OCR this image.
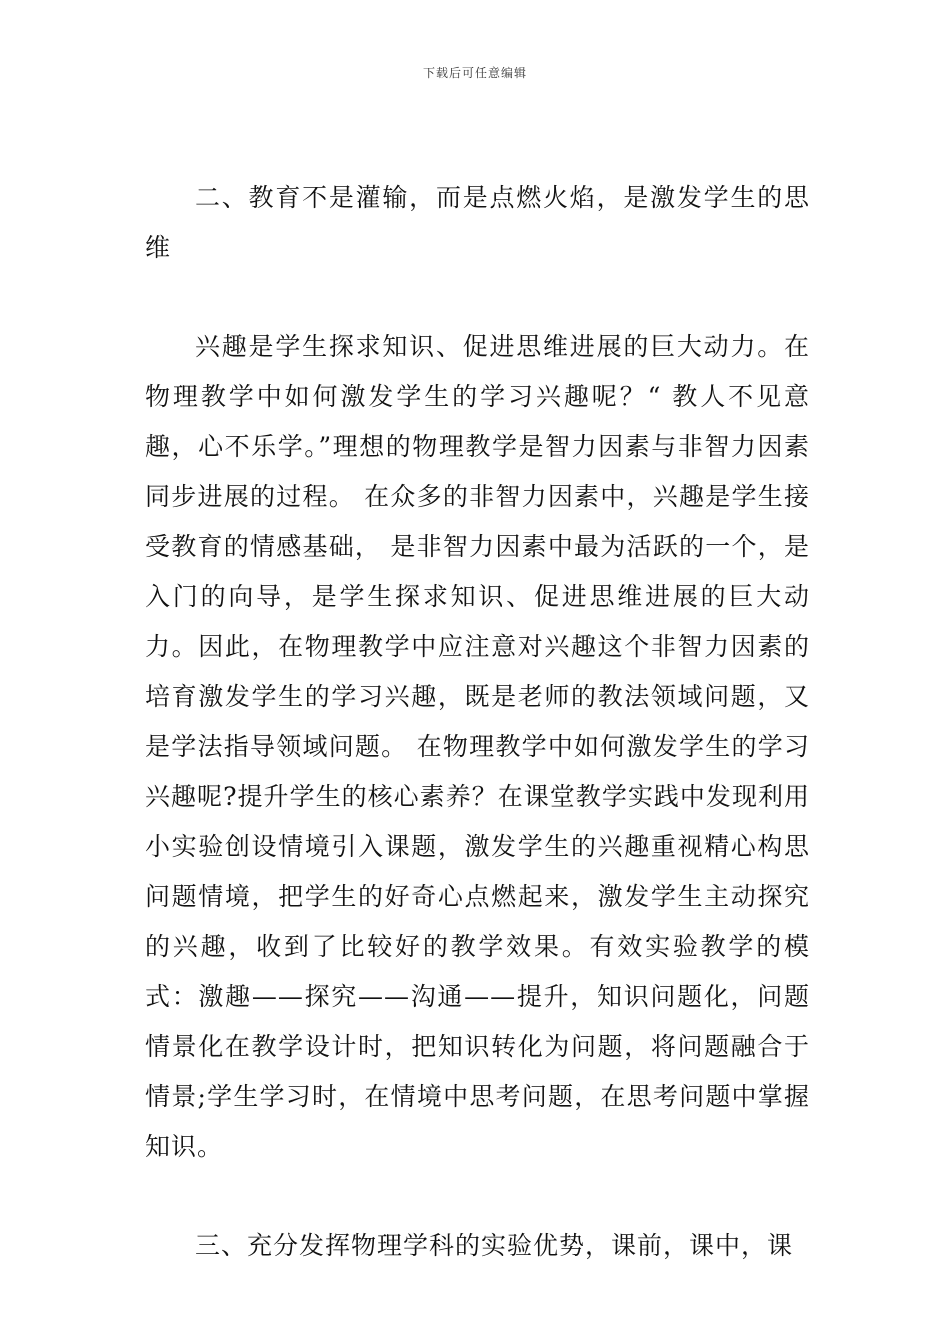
下载后可任意编辑

二、教育不是灌输，而是点燃火焰，是激发学生的思维

兴趣是学生探求知识、促进思维进展的巨大动力。在物理教学中如何激发学生的学习兴趣呢？“ 教人不见意趣，心不乐学。”理想的物理教学是智力因素与非智力因素同步进展的过程。 在众多的非智力因素中，兴趣是学生接受教育的情感基础， 是非智力因素中最为活跃的一个，是入门的向导，是学生探求知识、促进思维进展的巨大动力。因此，在物理教学中应注意对兴趣这个非智力因素的培育激发学生的学习兴趣，既是老师的教法领域问题，又是学法指导领域问题。 在物理教学中如何激发学生的学习兴趣呢?提升学生的核心素养？在课堂教学实践中发现利用小实验创设情境引入课题，激发学生的兴趣重视精心构思问题情境，把学生的好奇心点燃起来，激发学生主动探究的兴趣，收到了比较好的教学效果。有效实验教学的模式：激趣——探究——沟通——提升，知识问题化，问题情景化在教学设计时，把知识转化为问题，将问题融合于情景;学生学习时，在情境中思考问题，在思考问题中掌握知识。

三、充分发挥物理学科的实验优势，课前，课中，课
